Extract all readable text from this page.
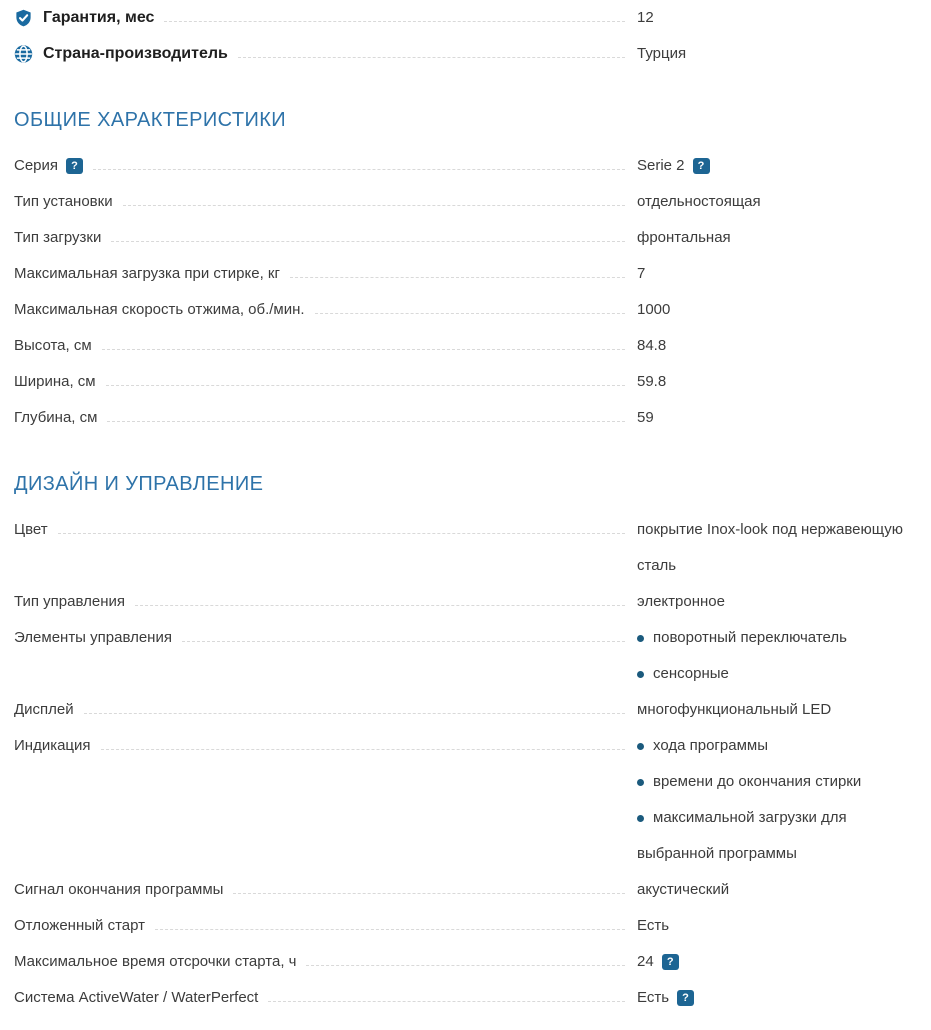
Гарантия, мес	12
Страна-производитель	Турция
ОБЩИЕ ХАРАКТЕРИСТИКИ
Серия	?	Serie 2 ?
Тип установки	отдельностоящая
Тип загрузки	фронтальная
Максимальная загрузка при стирке, кг	7
Максимальная скорость отжима, об./мин.	1000
Высота, см	84.8
Ширина, см	59.8
Глубина, см	59
ДИЗАЙН И УПРАВЛЕНИЕ
Цвет	покрытие Inox-look под нержавеющую
сталь
Тип управления	электронное
Элементы управления	поворотный переключатель
сенсорные
Дисплей	многофункциональный LED
Индикация	хода программы
времени до окончания стирки
максимальной загрузки для
выбранной программы
Сигнал окончания программы	акустический
Отложенный старт	Есть
Максимальное время отсрочки старта, ч	24 ?
Система ActiveWater / WaterPerfect	Есть ?
